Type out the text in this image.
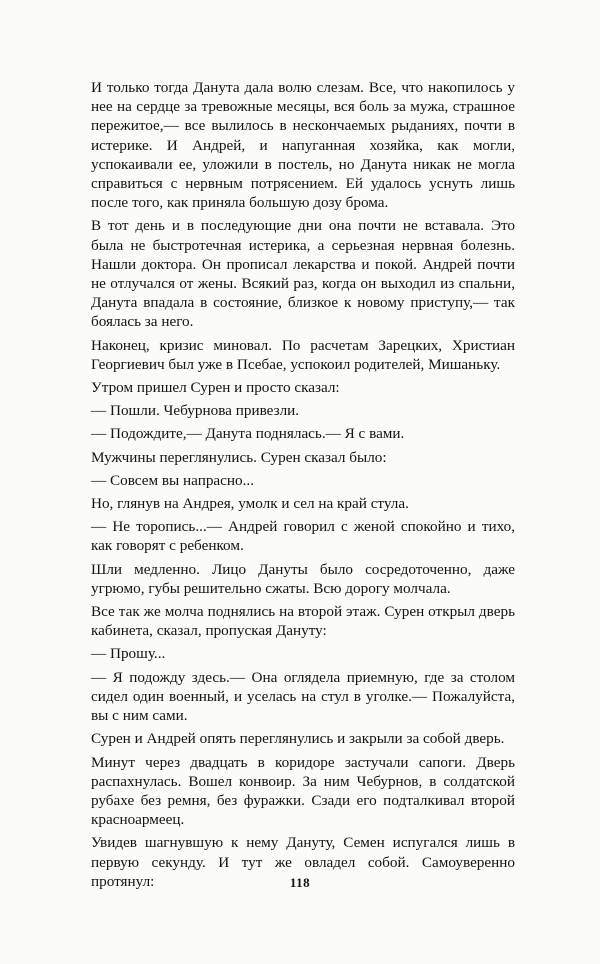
И только тогда Данута дала волю слезам. Все, что накопилось у нее на сердце за тревожные месяцы, вся боль за мужа, страшное пережитое,— все вылилось в нескончаемых рыданиях, почти в истерике. И Андрей, и напуганная хозяйка, как могли, успокаивали ее, уложили в постель, но Данута никак не могла справиться с нервным потрясением. Ей удалось уснуть лишь после того, как приняла большую дозу брома.

В тот день и в последующие дни она почти не вставала. Это была не быстротечная истерика, а серьезная нервная болезнь. Нашли доктора. Он прописал лекарства и покой. Андрей почти не отлучался от жены. Всякий раз, когда он выходил из спальни, Данута впадала в состояние, близкое к новому приступу,— так боялась за него.

Наконец, кризис миновал. По расчетам Зарецких, Христиан Георгиевич был уже в Псебае, успокоил родителей, Мишаньку.

Утром пришел Сурен и просто сказал:

— Пошли. Чебурнова привезли.

— Подождите,— Данута поднялась.— Я с вами.

Мужчины переглянулись. Сурен сказал было:

— Совсем вы напрасно...

Но, глянув на Андрея, умолк и сел на край стула.

— Не торопись...— Андрей говорил с женой спокойно и тихо, как говорят с ребенком.

Шли медленно. Лицо Дануты было сосредоточенно, даже угрюмо, губы решительно сжаты. Всю дорогу молчала.

Все так же молча поднялись на второй этаж. Сурен открыл дверь кабинета, сказал, пропуская Дануту:

— Прошу...

— Я подожду здесь.— Она оглядела приемную, где за столом сидел один военный, и уселась на стул в уголке.— Пожалуйста, вы с ним сами.

Сурен и Андрей опять переглянулись и закрыли за собой дверь.

Минут через двадцать в коридоре застучали сапоги. Дверь распахнулась. Вошел конвоир. За ним Чебурнов, в солдатской рубахе без ремня, без фуражки. Сзади его подталкивал второй красноармеец.

Увидев шагнувшую к нему Дануту, Семен испугался лишь в первую секунду. И тут же овладел собой. Самоуверенно протянул:	118
